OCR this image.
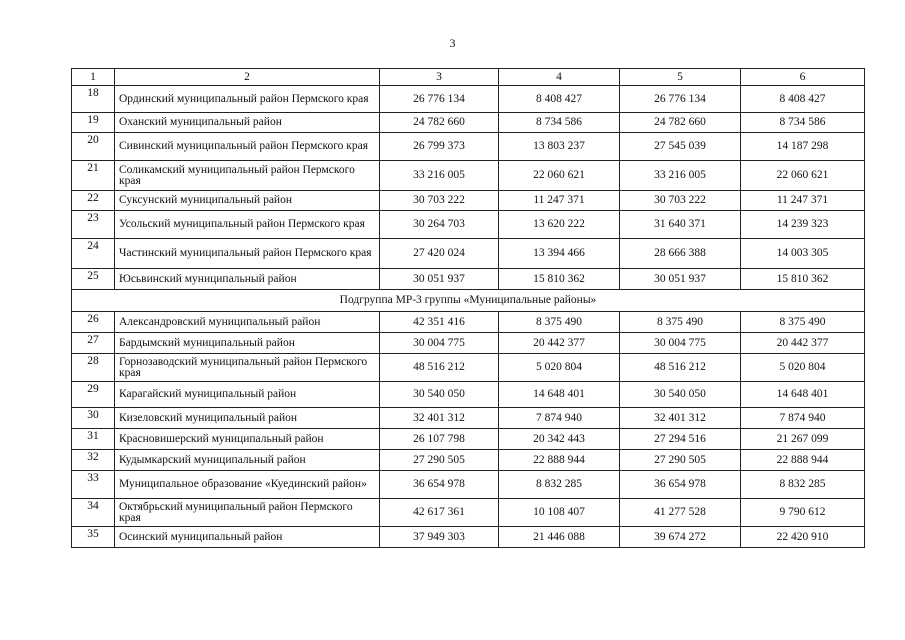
3
1	2	3	4	5	6
18	Ординский муниципальный район Пермского края	26 776 134	8 408 427	26 776 134	8 408 427
19	Оханский муниципальный район	24 782 660	8 734 586	24 782 660	8 734 586
20	Сивинский муниципальный район Пермского края	26 799 373	13 803 237	27 545 039	14 187 298
21	Соликамский муниципальный район Пермского края	33 216 005	22 060 621	33 216 005	22 060 621
22	Суксунский муниципальный район	30 703 222	11 247 371	30 703 222	11 247 371
23	Усольский муниципальный район Пермского края	30 264 703	13 620 222	31 640 371	14 239 323
24	Частинский муниципальный район Пермского края	27 420 024	13 394 466	28 666 388	14 003 305
25	Юсьвинский муниципальный район	30 051 937	15 810 362	30 051 937	15 810 362
Подгруппа МР-3 группы «Муниципальные районы»					
26	Александровский муниципальный район	42 351 416	8 375 490	8 375 490	8 375 490
27	Бардымский муниципальный район	30 004 775	20 442 377	30 004 775	20 442 377
28	Горнозаводский муниципальный район Пермского края	48 516 212	5 020 804	48 516 212	5 020 804
29	Карагайский муниципальный район	30 540 050	14 648 401	30 540 050	14 648 401
30	Кизеловский муниципальный район	32 401 312	7 874 940	32 401 312	7 874 940
31	Красновишерский муниципальный район	26 107 798	20 342 443	27 294 516	21 267 099
32	Кудымкарский муниципальный район	27 290 505	22 888 944	27 290 505	22 888 944
33	Муниципальное образование «Куединский район»	36 654 978	8 832 285	36 654 978	8 832 285
34	Октябрьский муниципальный район Пермского края	42 617 361	10 108 407	41 277 528	9 790 612
35	Осинский муниципальный район	37 949 303	21 446 088	39 674 272	22 420 910
